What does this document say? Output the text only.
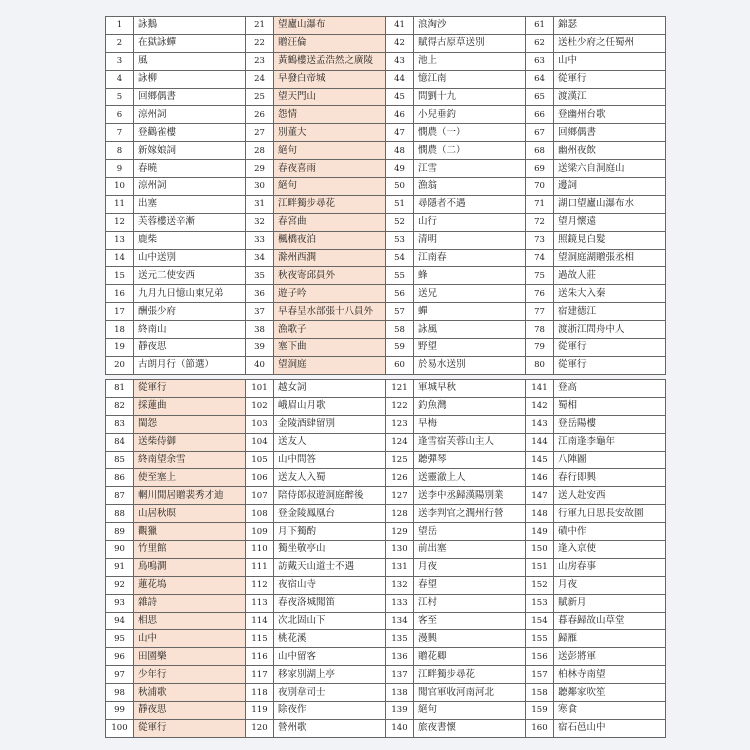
1	詠鵝	21	望廬山瀑布	41	浪淘沙	61	錦瑟
2	在獄詠蟬	22	贈汪倫	42	賦得古原草送別	62	送杜少府之任蜀州
3	風	23	黃鶴樓送孟浩然之廣陵	43	池上	63	山中
4	詠柳	24	早發白帝城	44	憶江南	64	從軍行
5	回鄉偶書	25	望天門山	45	問劉十九	65	渡漢江
6	涼州詞	26	怨情	46	小兒垂釣	66	登幽州台歌
7	登鸛雀樓	27	別董大	47	憫農（一）	67	回鄉偶書
8	新嫁娘詞	28	絕句	48	憫農（二）	68	幽州夜飲
9	春曉	29	春夜喜雨	49	江雪	69	送梁六自洞庭山
10	涼州詞	30	絕句	50	漁翁	70	邊詞
11	出塞	31	江畔獨步尋花	51	尋隱者不遇	71	湖口望廬山瀑布水
12	芙蓉樓送辛漸	32	春宮曲	52	山行	72	望月懷遠
13	鹿柴	33	楓橋夜泊	53	清明	73	照鏡見白髮
14	山中送別	34	滁州西澗	54	江南春	74	望洞庭湖贈張丞相
15	送元二使安西	35	秋夜寄邱員外	55	蜂	75	過故人莊
16	九月九日憶山東兄弟	36	遊子吟	56	送兄	76	送朱大入秦
17	酬張少府	37	早春呈水部張十八員外	57	蟬	77	宿建德江
18	終南山	38	漁歌子	58	詠風	78	渡浙江問舟中人
19	靜夜思	39	塞下曲	59	野望	79	從軍行
20	古朗月行（節選）	40	望洞庭	60	於易水送別	80	從軍行
81	從軍行	101	越女詞	121	軍城早秋	141	登高
82	採蓮曲	102	峨眉山月歌	122	釣魚灣	142	蜀相
83	閨怨	103	金陵酒肆留別	123	早梅	143	登岳陽樓
84	送柴侍御	104	送友人	124	逢雪宿芙蓉山主人	144	江南逢李龜年
85	終南望余雪	105	山中問答	125	聽彈琴	145	八陣圖
86	使至塞上	106	送友人入蜀	126	送靈澈上人	146	春行即興
87	輞川閒居贈裴秀才迪	107	陪侍郎叔遊洞庭醉後	127	送李中丞歸漢陽別業	147	送人赴安西
88	山居秋暝	108	登金陵鳳凰台	128	送李判官之潤州行營	148	行軍九日思長安故園
89	觀獵	109	月下獨酌	129	望岳	149	磧中作
90	竹里館	110	獨坐敬亭山	130	前出塞	150	逢入京使
91	鳥鳴澗	111	訪戴天山道士不遇	131	月夜	151	山房春事
92	蓮花塢	112	夜宿山寺	132	春望	152	月夜
93	雜詩	113	春夜洛城聞笛	133	江村	153	賦新月
94	相思	114	次北固山下	134	客至	154	暮春歸故山草堂
95	山中	115	桃花溪	135	漫興	155	歸雁
96	田園樂	116	山中留客	136	贈花卿	156	送彭將軍
97	少年行	117	移家別湖上亭	137	江畔獨步尋花	157	柏林寺南望
98	秋浦歌	118	夜別韋司士	138	聞官軍收河南河北	158	聽鄰家吹笙
99	靜夜思	119	除夜作	139	絕句	159	寒食
100	從軍行	120	營州歌	140	旅夜書懷	160	宿石邑山中
